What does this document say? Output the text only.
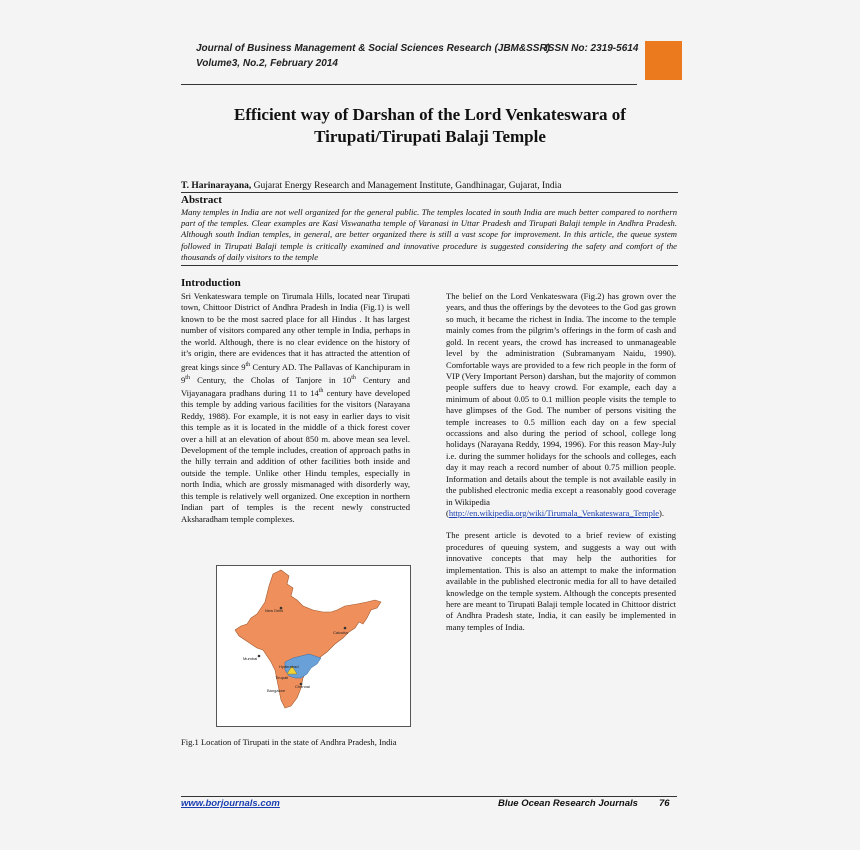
Journal of Business Management & Social Sciences Research (JBM&SSR)
ISSN No: 2319-5614
Volume3, No.2, February 2014
Efficient way of Darshan of the Lord Venkateswara of
Tirupati/Tirupati Balaji Temple
T. Harinarayana, Gujarat Energy Research and Management Institute, Gandhinagar, Gujarat, India
Abstract

Many temples in India are not well organized for the general public. The temples located in south India are much better compared to northern part of the temples. Clear examples are Kasi Viswanatha temple of Varanasi in Uttar Pradesh and Tirupati Balaji temple in Andhra Pradesh. Although south Indian temples, in general, are better organized there is still a vast scope for improvement. In this article, the queue system followed in Tirupati Balaji temple is critically examined and innovative procedure is suggested considering the safety and comfort of the thousands of daily visitors to the temple

Introduction

Sri Venkateswara temple on Tirumala Hills, located near Tirupati town, Chittoor District of Andhra Pradesh in India (Fig.1) is well known to be the most sacred place for all Hindus . It has largest number of visitors compared any other temple in India, perhaps in the world. Although, there is no clear evidence on the history of it’s origin, there are evidences that it has attracted the attention of great kings since 9th Century AD. The Pallavas of Kanchipuram in 9th Century, the Cholas of Tanjore in 10th Century and Vijayanagara pradhans during 11 to 14th century have developed this temple by adding various facilities for the visitors (Narayana Reddy, 1988). For example, it is not easy in earlier days to visit this temple as it is located in the middle of a thick forest cover over a hill at an elevation of about 850 m. above mean sea level. Development of the temple includes, creation of approach paths in the hilly terrain and addition of other facilities both inside and outside the temple. Unlike other Hindu temples, especially in north India, which are grossly mismanaged with disorderly way, this temple is relatively well organized. One exception in northern Indian part of temples is the recent newly constructed Aksharadham temple complexes.

New Delhi
Calcutta
Mumbai
Hyderabad
Tirupati
Chennai
Bangalore

Fig.1 Location of Tirupati in the state of Andhra Pradesh, India

The belief on the Lord Venkateswara (Fig.2) has grown over the years, and thus the offerings by the devotees to the God gas grown so much, it became the richest in India. The income to the temple mainly comes from the pilgrim’s offerings in the form of cash and gold. In recent years, the crowd has increased to unmanageable level by the administration (Subramanyam Naidu, 1990). Comfortable ways are provided to a few rich people in the form of VIP (Very Important Person) darshan, but the majority of common people suffers due to heavy crowd. For example, each day a minimum of about 0.05 to 0.1 million people visits the temple to have glimpses of the God. The number of persons visiting the temple increases to 0.5 million each day on a few special occassions and also during the period of school, college long holidays (Narayana Reddy, 1994, 1996). For this reason May-July i.e. during the summer holidays for the schools and colleges, each day it may reach a record number of about 0.75 million people. Information and details about the temple is not available easily in the published electronic media except a reasonably good coverage in Wikipedia

(http://en.wikipedia.org/wiki/Tirumala_Venkateswara_Temple).

The present article is devoted to a brief review of existing procedures of queuing system, and suggests a way out with innovative concepts that may help the authorities for implementation. This is also an attempt to make the information available in the published electronic media for all to have detailed knowledge on the temple system. Although the concepts presented here are meant to Tirupati Balaji temple located in Chittoor district of Andhra Pradesh state, India, it can easily be implemented in many temples of India.

www.borjournals.com	Blue Ocean Research Journals 76
